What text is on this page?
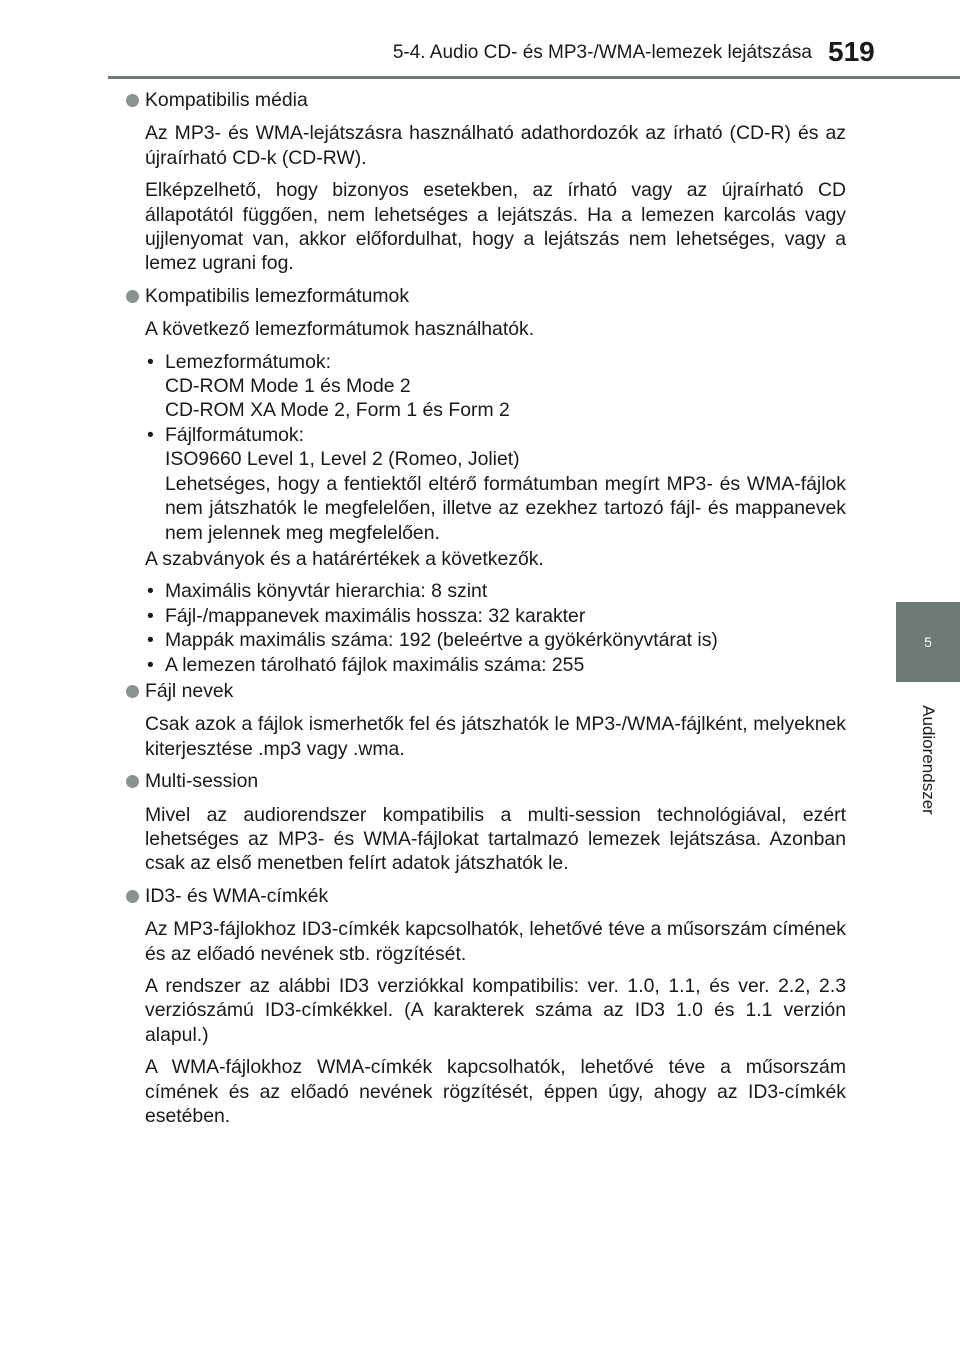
5-4. Audio CD- és MP3-/WMA-lemezek lejátszása 519
5
Audiorendszer
Kompatibilis média
Az MP3- és WMA-lejátszásra használható adathordozók az írható (CD-R) és az újraírható CD-k (CD-RW).
Elképzelhető, hogy bizonyos esetekben, az írható vagy az újraírható CD állapotától függően, nem lehetséges a lejátszás. Ha a lemezen karcolás vagy ujjlenyomat van, akkor előfordulhat, hogy a lejátszás nem lehetséges, vagy a lemez ugrani fog.
Kompatibilis lemezformátumok
A következő lemezformátumok használhatók.
• Lemezformátumok:
CD-ROM Mode 1 és Mode 2
CD-ROM XA Mode 2, Form 1 és Form 2
• Fájlformátumok:
ISO9660 Level 1, Level 2 (Romeo, Joliet)
Lehetséges, hogy a fentiektől eltérő formátumban megírt MP3- és WMA-fájlok nem játszhatók le megfelelően, illetve az ezekhez tartozó fájl- és mappanevek nem jelennek meg megfelelően.
A szabványok és a határértékek a következők.
• Maximális könyvtár hierarchia: 8 szint
• Fájl-/mappanevek maximális hossza: 32 karakter
• Mappák maximális száma: 192 (beleértve a gyökérkönyvtárat is)
• A lemezen tárolható fájlok maximális száma: 255
Fájl nevek
Csak azok a fájlok ismerhetők fel és játszhatók le MP3-/WMA-fájlként, melyeknek kiterjesztése .mp3 vagy .wma.
Multi-session
Mivel az audiorendszer kompatibilis a multi-session technológiával, ezért lehetséges az MP3- és WMA-fájlokat tartalmazó lemezek lejátszása. Azonban csak az első menetben felírt adatok játszhatók le.
ID3- és WMA-címkék
Az MP3-fájlokhoz ID3-címkék kapcsolhatók, lehetővé téve a műsorszám címének és az előadó nevének stb. rögzítését.
A rendszer az alábbi ID3 verziókkal kompatibilis: ver. 1.0, 1.1, és ver. 2.2, 2.3 verziószámú ID3-címkékkel. (A karakterek száma az ID3 1.0 és 1.1 verzión alapul.)
A WMA-fájlokhoz WMA-címkék kapcsolhatók, lehetővé téve a műsorszám címének és az előadó nevének rögzítését, éppen úgy, ahogy az ID3-címkék esetében.
